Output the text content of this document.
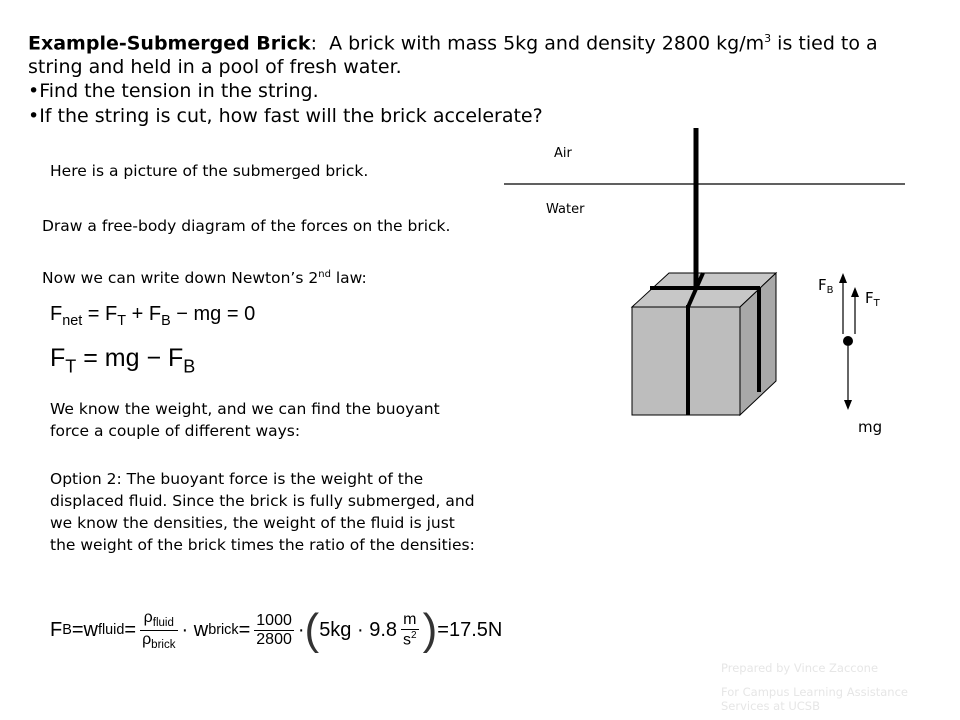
Example-Submerged Brick: A brick with mass 5kg and density 2800 $kg/m^3$ is tied to a string and held in a pool of fresh water.
•Find the tension in the string.
•If the string is cut, how fast will the brick accelerate?
Here is a picture of the submerged brick.
Draw a free-body diagram of the forces on the brick.
Now we can write down Newton’s 2nd law:
$F_{net} = F_T + F_B$ − mg = 0
$F_T$ = mg − $F_B$
We know the weight, and we can find the buoyant force a couple of different ways:
Option 2: The buoyant force is the weight of the displaced fluid. Since the brick is fully submerged, and we know the densities, the weight of the fluid is just the weight of the brick times the ratio of the densities:
F B = w fluid = $\frac{\rho_{fluid}}{\rho_{brick}}$ ·
w brick = $\frac{1000}{2800}$ · ( 5kg
·
$9.8 \frac{m}{s^2}$ ) = 17.5N
Air
Water
$F_B$ $F_T$
mg
Prepared by Vince Zaccone
For Campus Learning Assistance Services at UCSB
